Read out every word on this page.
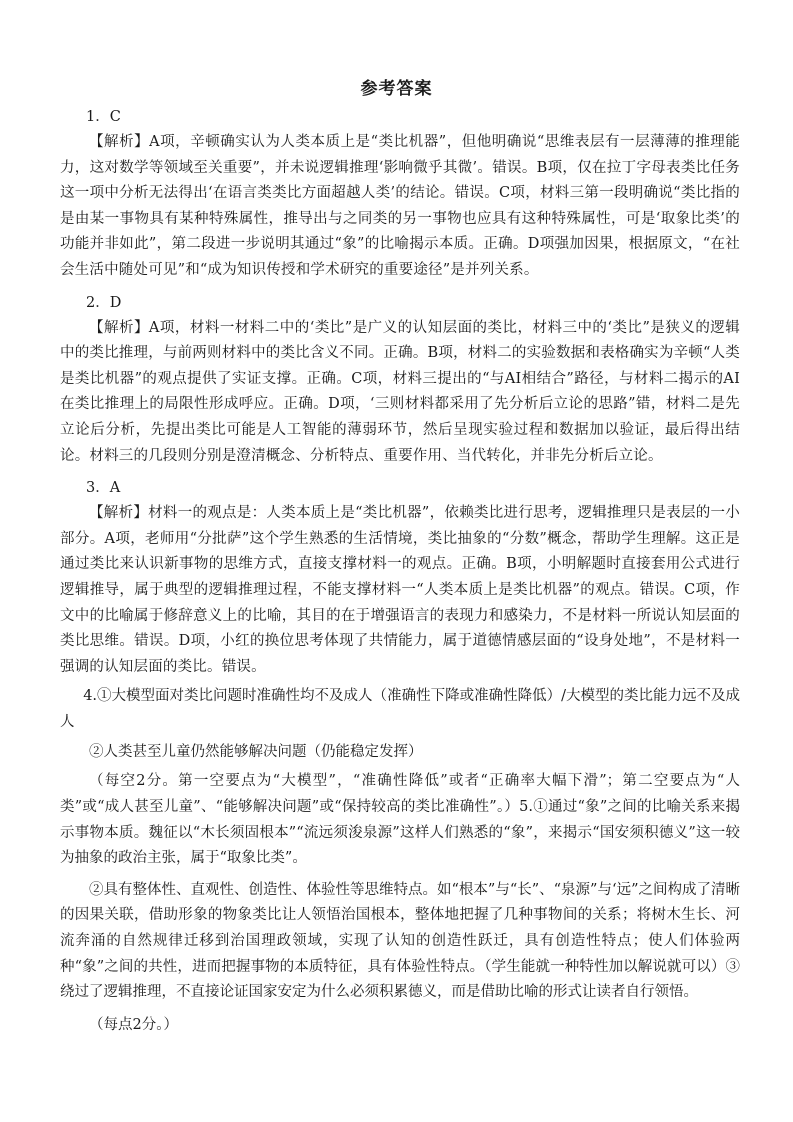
参考答案

1．C

【解析】A项，辛顿确实认为人类本质上是“类比机器”，但他明确说“思维表层有一层薄薄的推理能力，这对数学等领域至关重要”，并未说逻辑推理‘影响微乎其微’。错误。B项，仅在拉丁字母表类比任务这一项中分析无法得出‘在语言类类比方面超越人类’的结论。错误。C项，材料三第一段明确说“类比指的是由某一事物具有某种特殊属性，推导出与之同类的另一事物也应具有这种特殊属性，可是‘取象比类’的功能并非如此”，第二段进一步说明其通过“象”的比喻揭示本质。正确。D项强加因果，根据原文，“在社会生活中随处可见”和“成为知识传授和学术研究的重要途径”是并列关系。

2．D

【解析】A项，材料一材料二中的‘类比”是广义的认知层面的类比，材料三中的‘类比”是狭义的逻辑中的类比推理，与前两则材料中的类比含义不同。正确。B项，材料二的实验数据和表格确实为辛顿“人类是类比机器”的观点提供了实证支撑。正确。C项，材料三提出的“与AI相结合”路径，与材料二揭示的AI在类比推理上的局限性形成呼应。正确。D项，‘三则材料都采用了先分析后立论的思路”错，材料二是先立论后分析，先提出类比可能是人工智能的薄弱环节，然后呈现实验过程和数据加以验证，最后得出结论。材料三的几段则分别是澄清概念、分析特点、重要作用、当代转化，并非先分析后立论。

3．A

【解析】材料一的观点是：人类本质上是“类比机器”，依赖类比进行思考，逻辑推理只是表层的一小部分。A项，老师用“分批萨”这个学生熟悉的生活情境，类比抽象的“分数”概念，帮助学生理解。这正是通过类比来认识新事物的思维方式，直接支撑材料一的观点。正确。B项，小明解题时直接套用公式进行逻辑推导，属于典型的逻辑推理过程，不能支撑材料一“人类本质上是类比机器”的观点。错误。C项，作文中的比喻属于修辞意义上的比喻，其目的在于增强语言的表现力和感染力，不是材料一所说认知层面的类比思维。错误。D项，小红的换位思考体现了共情能力，属于道德情感层面的“设身处地”，不是材料一强调的认知层面的类比。错误。

4.①大模型面对类比问题时准确性均不及成人（准确性下降或准确性降低）/大模型的类比能力远不及成人

②人类甚至儿童仍然能够解决问题（仍能稳定发挥）

（每空2分。第一空要点为“大模型”，“准确性降低”或者“正确率大幅下滑”；第二空要点为“人类”或“成人甚至儿童”、“能够解决问题”或“保持较高的类比准确性”。）5.①通过“象”之间的比喻关系来揭示事物本质。魏征以“木长须固根本”“流远须浚泉源”这样人们熟悉的“象”，来揭示“国安须积德义”这一较为抽象的政治主张，属于“取象比类”。

②具有整体性、直观性、创造性、体验性等思维特点。如“根本”与“长”、“泉源”与‘远”之间构成了清晰的因果关联，借助形象的物象类比让人领悟治国根本，整体地把握了几种事物间的关系；将树木生长、河流奔涌的自然规律迁移到治国理政领域，实现了认知的创造性跃迁，具有创造性特点；使人们体验两种“象”之间的共性，进而把握事物的本质特征，具有体验性特点。（学生能就一种特性加以解说就可以）③绕过了逻辑推理，不直接论证国家安定为什么必须积累德义，而是借助比喻的形式让读者自行领悟。

（每点2分。）
